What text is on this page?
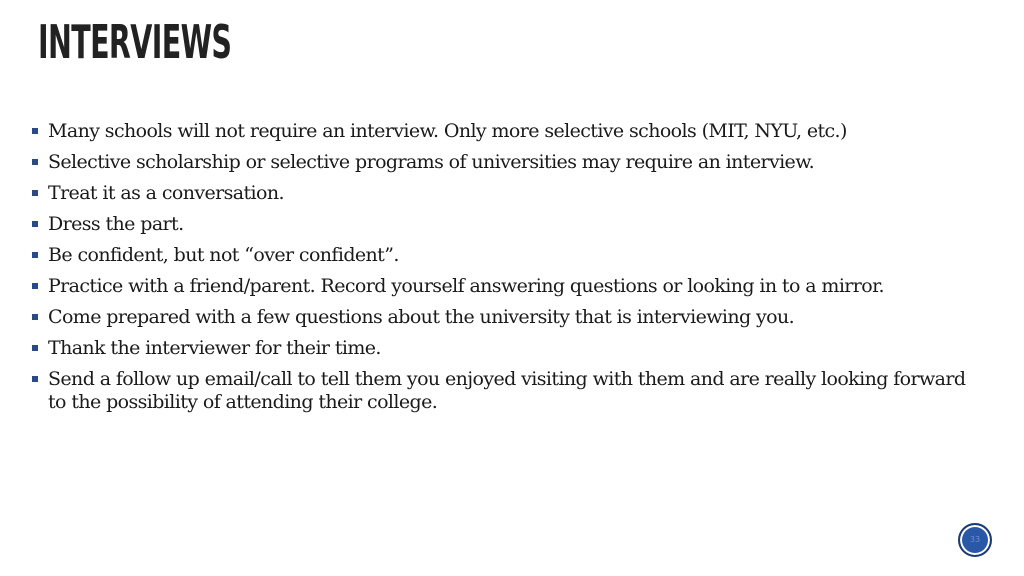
INTERVIEWS
Many schools will not require an interview. Only more selective schools (MIT, NYU, etc.)
Selective scholarship or selective programs of universities may require an interview.
Treat it as a conversation.
Dress the part.
Be confident, but not “over confident”.
Practice with a friend/parent. Record yourself answering questions or looking in to a mirror.
Come prepared with a few questions about the university that is interviewing you.
Thank the interviewer for their time.
Send a follow up email/call to tell them you enjoyed visiting with them and are really looking forward to the possibility of attending their college.
33
